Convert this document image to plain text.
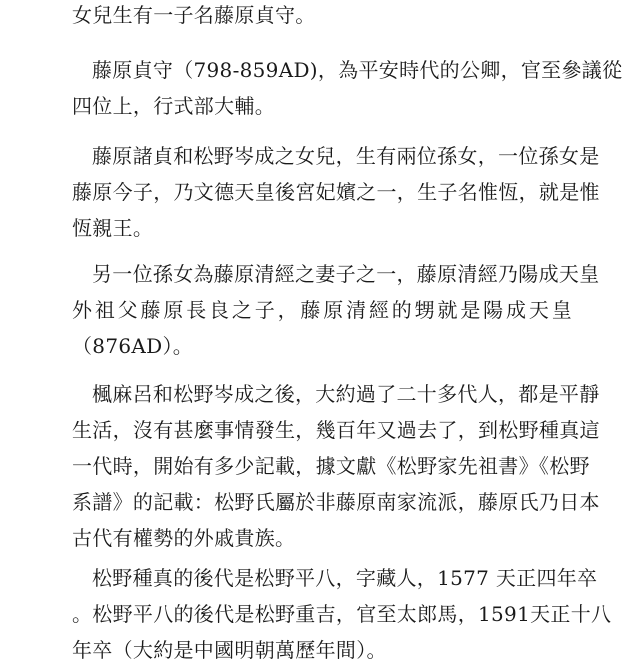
女兒生有一子名藤原貞守。
藤原貞守（798-859AD)，為平安時代的公卿，官至參議從
四位上，行式部大輔。
藤原諸貞和松野岑成之女兒，生有兩位孫女，一位孫女是
藤原今子，乃文德天皇後宮妃嬪之一，生子名惟恆，就是惟
恆親王。
另一位孫女為藤原清經之妻子之一，藤原清經乃陽成天皇
外祖父藤原長良之子，藤原清經的甥就是陽成天皇
（876AD）。
楓麻呂和松野岑成之後，大約過了二十多代人，都是平靜
生活，沒有甚麼事情發生，幾百年又過去了，到松野種真這
一代時，開始有多少記載，據文獻《松野家先祖書》《松野
系譜》的記載：松野氏屬於非藤原南家流派，藤原氏乃日本
古代有權勢的外戚貴族。
松野種真的後代是松野平八，字藏人，1577 天正四年卒
。松野平八的後代是松野重吉，官至太郎馬，1591天正十八
年卒（大約是中國明朝萬歷年間）。
